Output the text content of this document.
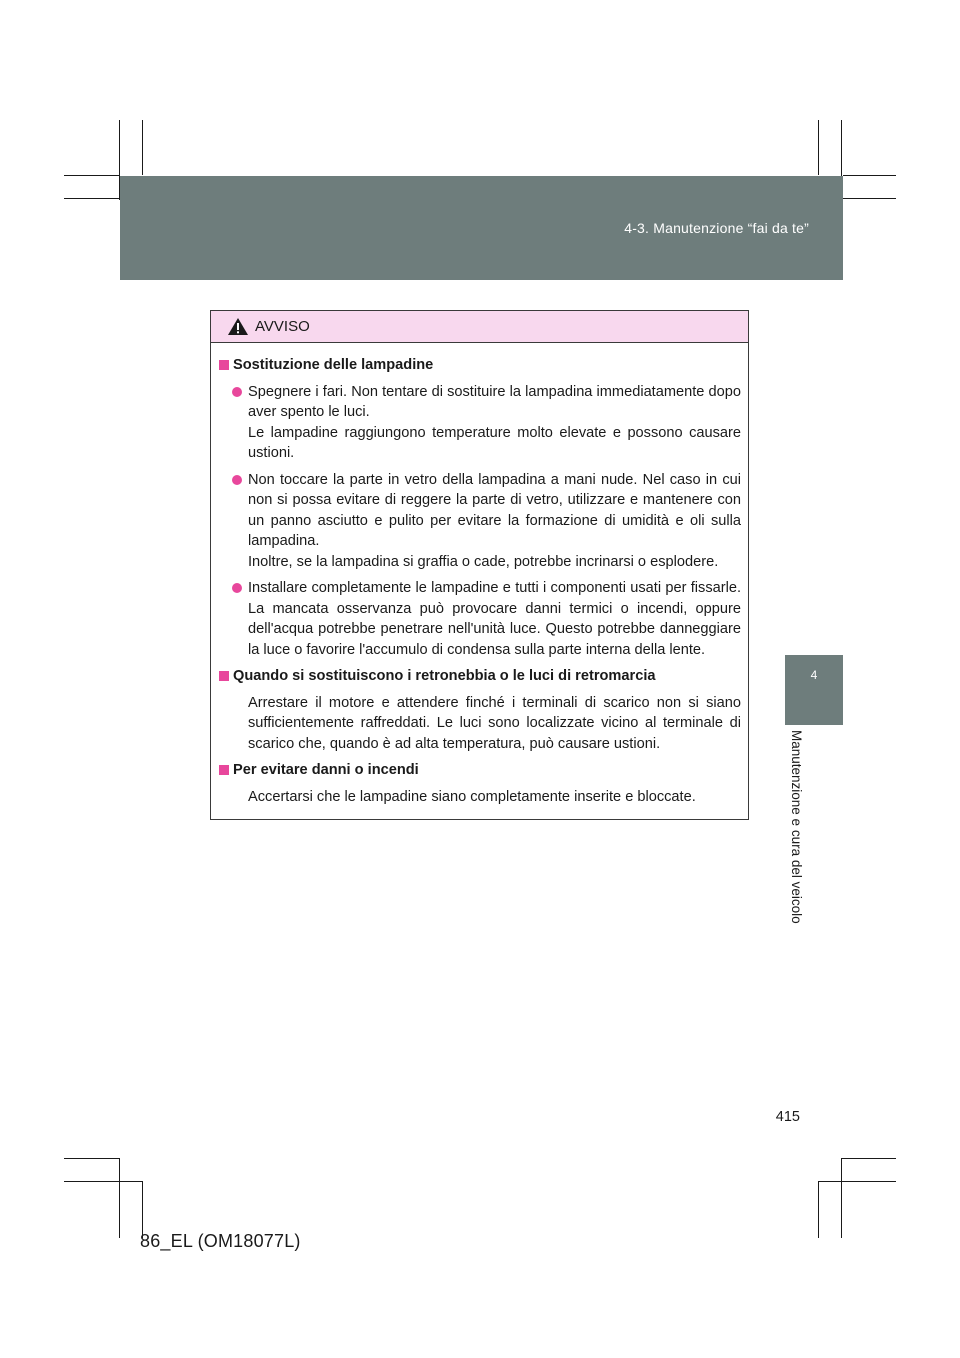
4-3. Manutenzione “fai da te”
4
Manutenzione e cura del veicolo
AVVISO
Sostituzione delle lampadine

Spegnere i fari. Non tentare di sostituire la lampadina immediatamente dopo aver spento le luci.

Le lampadine raggiungono temperature molto elevate e possono causare ustioni.

Non toccare la parte in vetro della lampadina a mani nude. Nel caso in cui non si possa evitare di reggere la parte di vetro, utilizzare e mantenere con un panno asciutto e pulito per evitare la formazione di umidità e oli sulla lampadina.

Inoltre, se la lampadina si graffia o cade, potrebbe incrinarsi o esplodere.

Installare completamente le lampadine e tutti i componenti usati per fissarle. La mancata osservanza può provocare danni termici o incendi, oppure dell'acqua potrebbe penetrare nell'unità luce. Questo potrebbe danneggiare la luce o favorire l'accumulo di condensa sulla parte interna della lente.

Quando si sostituiscono i retronebbia o le luci di retromarcia

Arrestare il motore e attendere finché i terminali di scarico non si siano sufficientemente raffreddati. Le luci sono localizzate vicino al terminale di scarico che, quando è ad alta temperatura, può causare ustioni.

Per evitare danni o incendi

Accertarsi che le lampadine siano completamente inserite e bloccate.

415
86_EL (OM18077L)
